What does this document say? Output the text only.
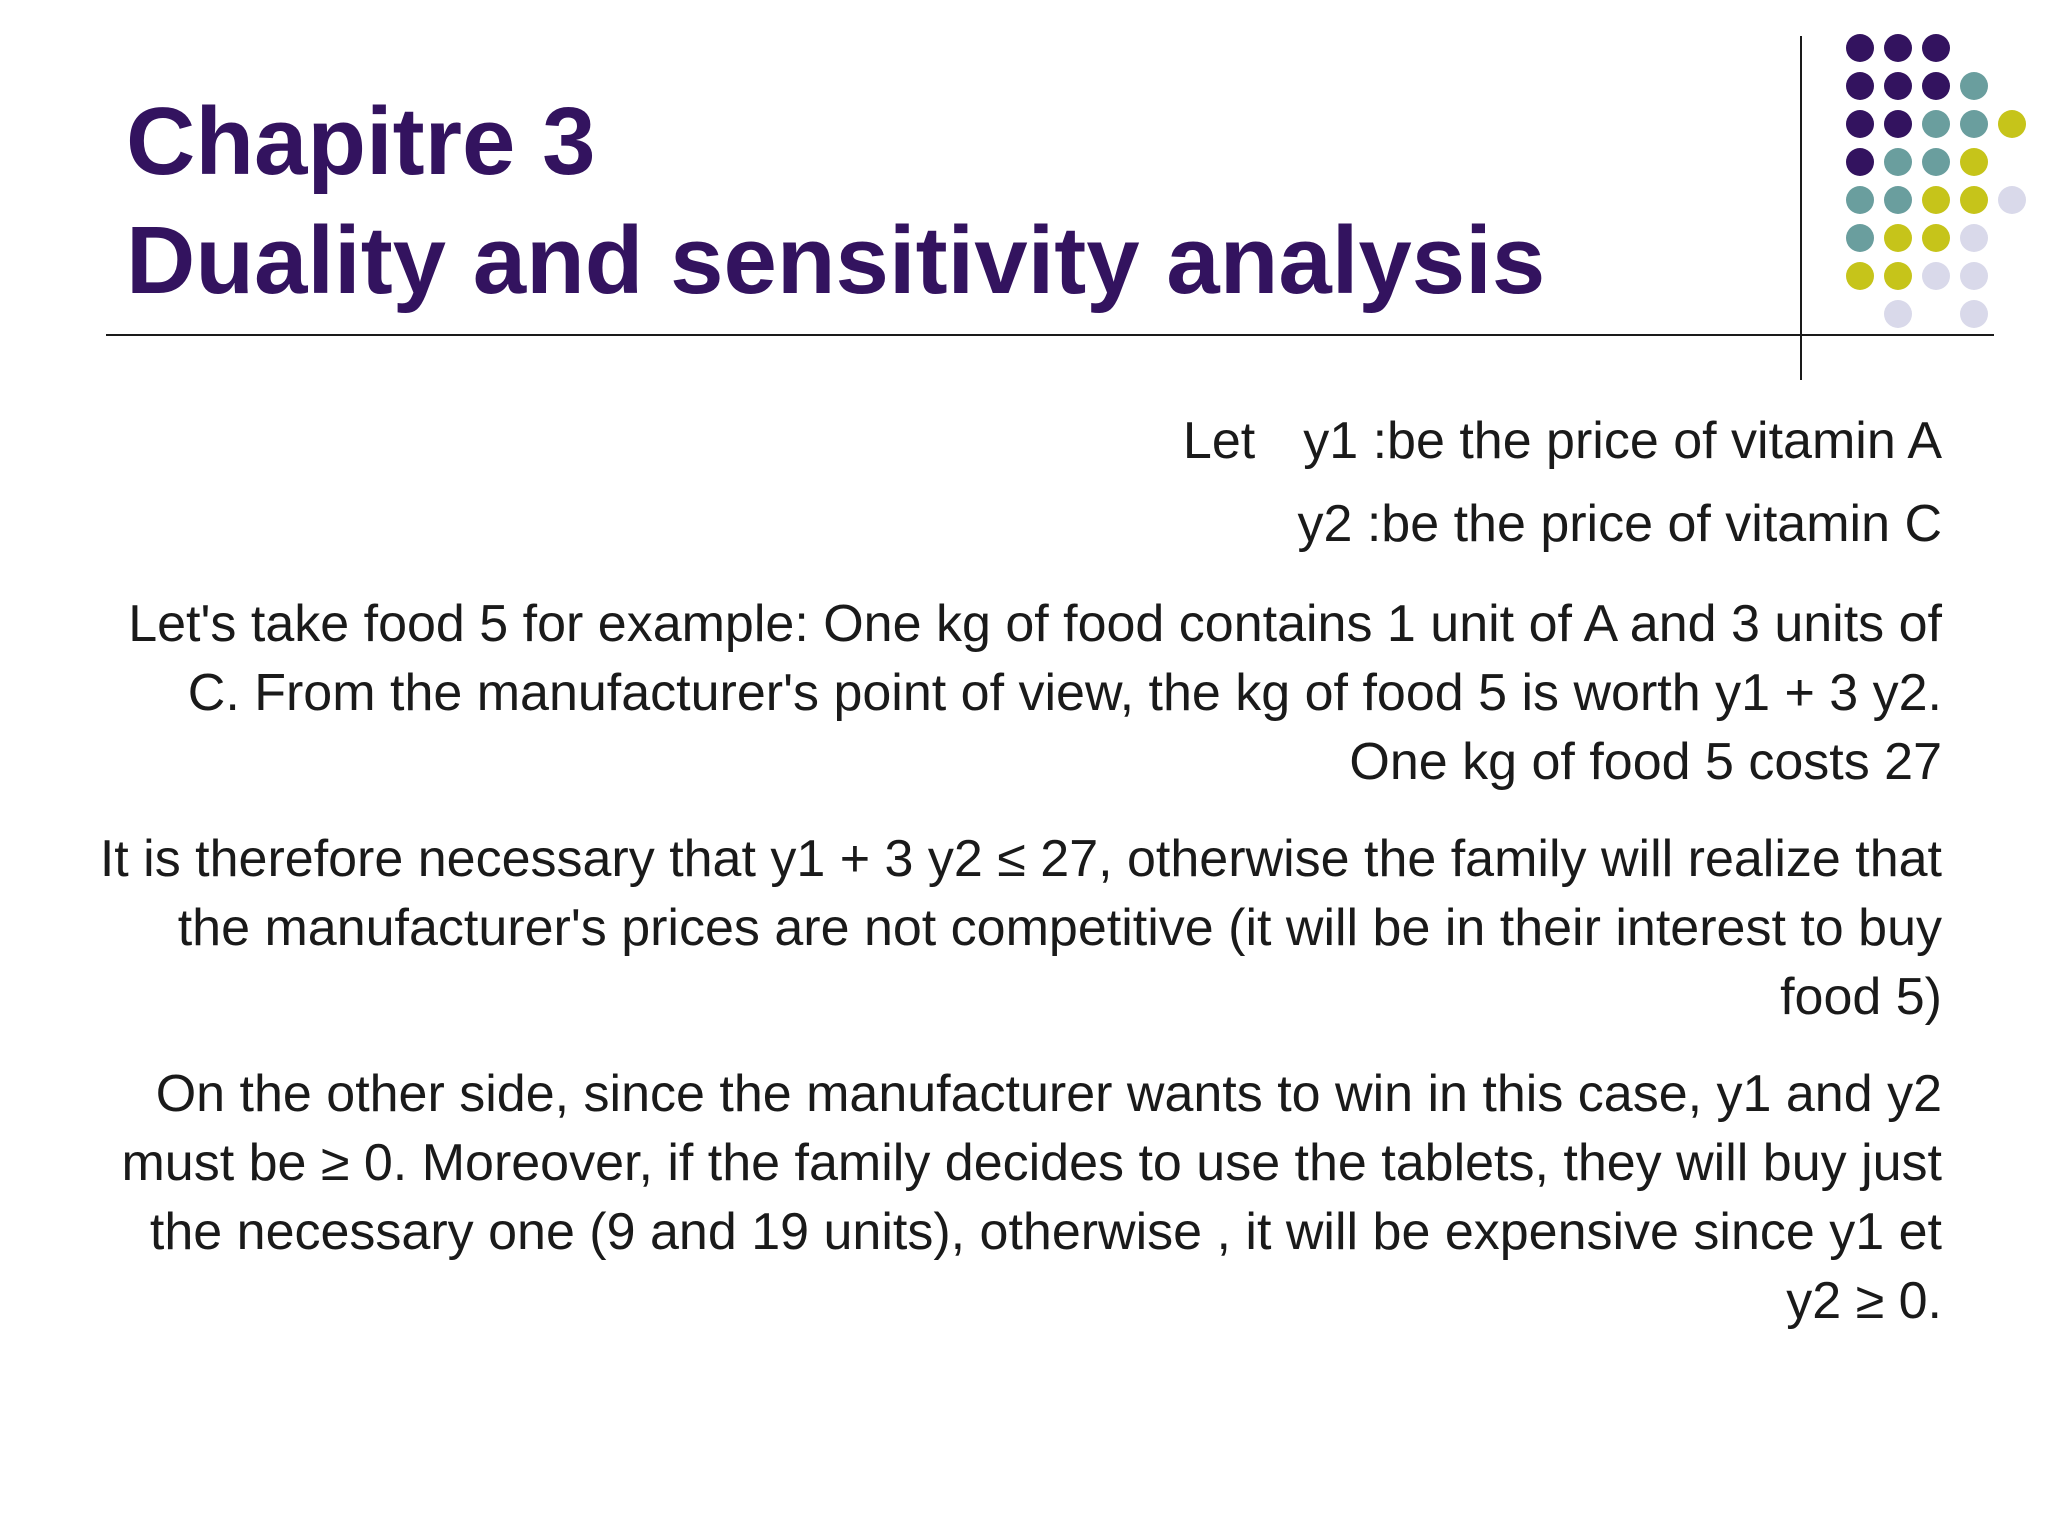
Chapitre 3
Duality and sensitivity analysis

Let y1 :be the price of vitamin A
y2 :be the price of vitamin C

Let's take food 5 for example: One kg of food contains 1 unit of A and 3 units of C. From the manufacturer's point of view, the kg of food 5 is worth y1 + 3 y2. One kg of food 5 costs 27

It is therefore necessary that y1 + 3 y2 ≤ 27, otherwise the family will realize that the manufacturer's prices are not competitive (it will be in their interest to buy food 5)

On the other side, since the manufacturer wants to win in this case, y1 and y2 must be ≥ 0. Moreover, if the family decides to use the tablets, they will buy just the necessary one (9 and 19 units), otherwise , it will be expensive since y1 et y2 ≥ 0.
